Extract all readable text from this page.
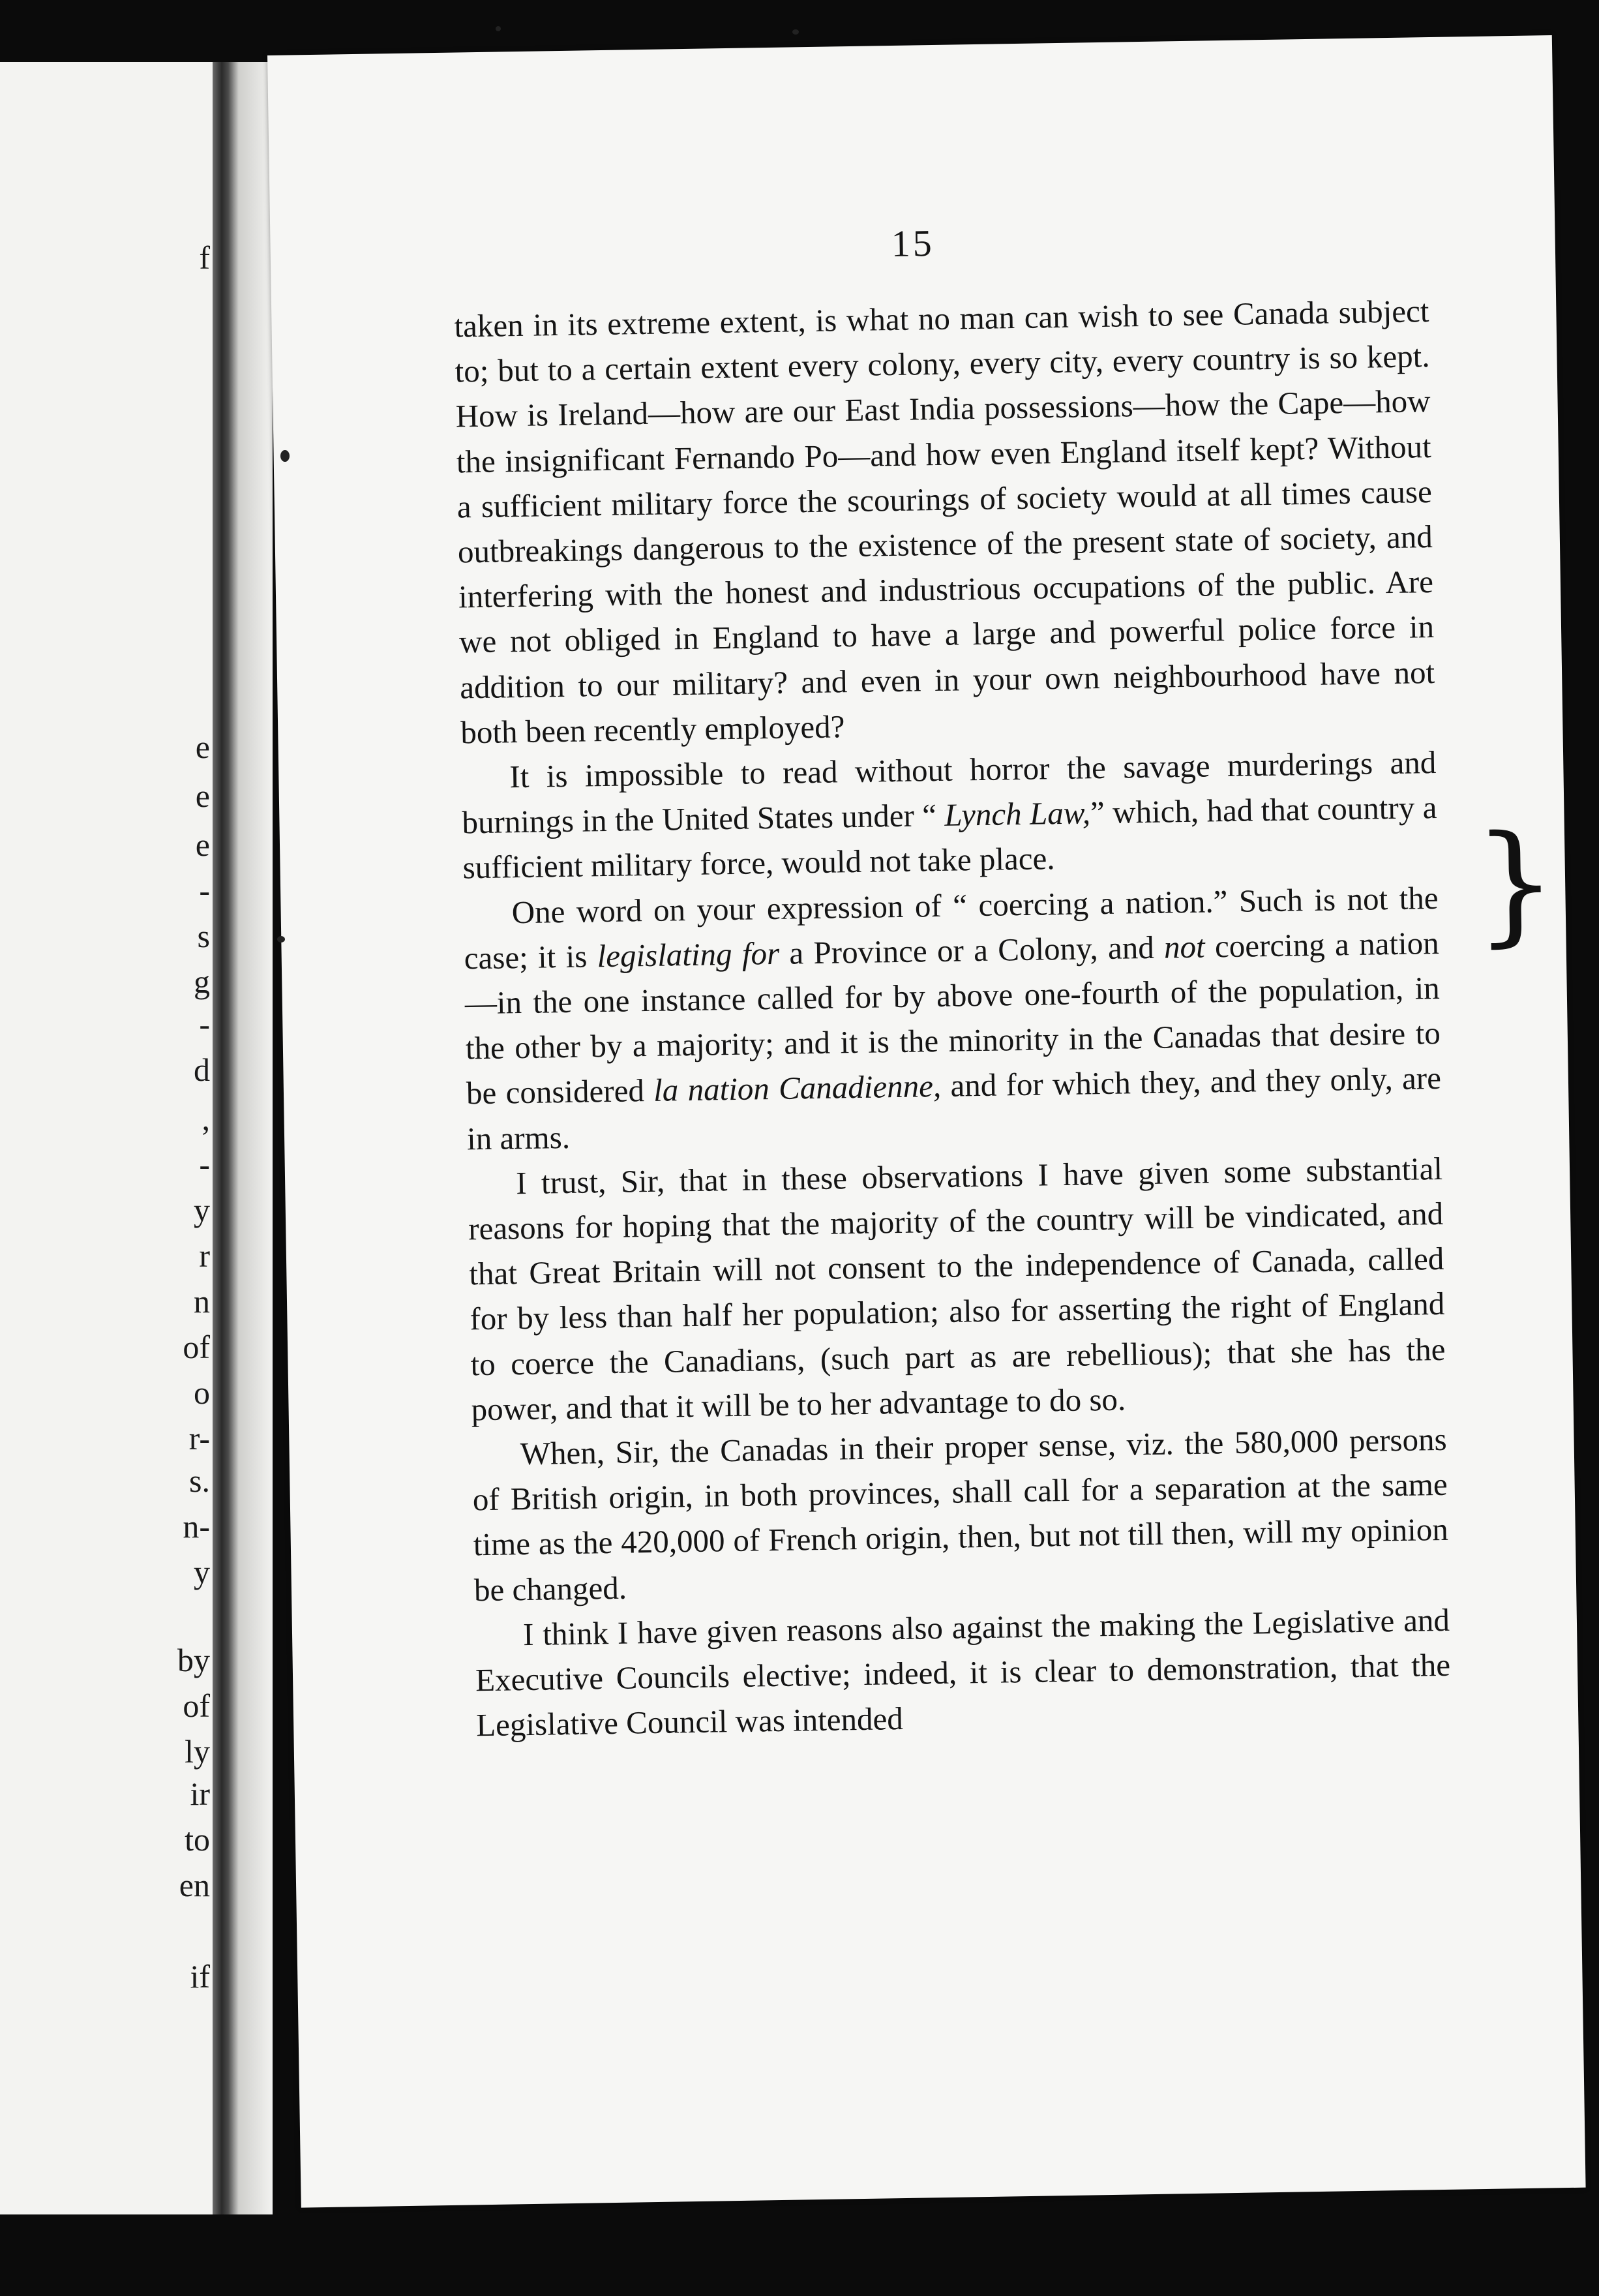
f
e
e
e
-
s
g
-
d
,
-
y
r
n
of
o
r-
s.
n-
y
by
of
ly
ir
to
en
if
15

taken in its extreme extent, is what no man can wish to see Canada subject to; but to a certain extent every colony, every city, every country is so kept. How is Ireland—how are our East India possessions—how the Cape—how the insignificant Fernando Po—and how even England itself kept? Without a sufficient military force the scourings of society would at all times cause outbreakings dangerous to the existence of the present state of society, and interfering with the honest and industrious occupations of the public. Are we not obliged in England to have a large and powerful police force in addition to our military? and even in your own neighbourhood have not both been recently employed?

It is impossible to read without horror the savage murderings and burnings in the United States under “ Lynch Law,” which, had that country a sufficient military force, would not take place.

One word on your expression of “ coercing a nation.” Such is not the case; it is legislating for a Province or a Colony, and not coercing a nation—in the one instance called for by above one-fourth of the population, in the other by a majority; and it is the minority in the Canadas that desire to be considered la nation Canadienne, and for which they, and they only, are in arms.

I trust, Sir, that in these observations I have given some substantial reasons for hoping that the majority of the country will be vindicated, and that Great Britain will not consent to the independence of Canada, called for by less than half her population; also for asserting the right of England to coerce the Canadians, (such part as are rebellious); that she has the power, and that it will be to her advantage to do so.

When, Sir, the Canadas in their proper sense, viz. the 580,000 persons of British origin, in both provinces, shall call for a separation at the same time as the 420,000 of French origin, then, but not till then, will my opinion be changed.

I think I have given reasons also against the making the Legislative and Executive Councils elective; indeed, it is clear to demonstration, that the Legislative Council was intended

}
